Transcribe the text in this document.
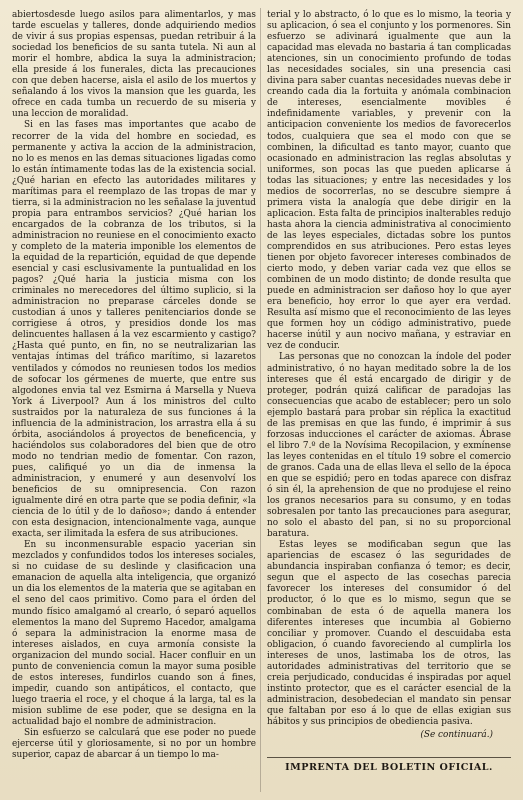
abiertosdesde luego asilos para alimentarlos, y mas tarde escuelas y talleres, donde adquiriendo medios de vivir á sus propias espensas, puedan retribuir á la sociedad los beneficios de su santa tutela. Ni aun al morir el hombre, abdica la suya la administracion; ella preside á los funerales, dicta las precauciones con que deben hacerse, aisla el asilo de los muertos y señalando á los vivos la mansion que les guarda, les ofrece en cada tumba un recuerdo de su miseria y una leccion de moralidad.

Si en las fases mas importantes que acabo de recorrer de la vida del hombre en sociedad, es permanente y activa la accion de la administracion, no lo es menos en las demas situaciones ligadas como lo están íntimamente todas las de la existencia social. ¿Qué harian en efecto las autoridades militares y marítimas para el reemplazo de las tropas de mar y tierra, si la administracion no les señalase la juventud propia para entrambos servicios? ¿Qué harian los encargados de la cobranza de los tributos, si la administracion no reuniese en el conocimiento exacto y completo de la materia imponible los elementos de la equidad de la repartición, equidad de que depende esencial y casi esclusivamente la puntualidad en los pagos? ¿Qué haria la justicia misma con los criminales no merecedores del último suplicio, si la administracion no preparase cárceles donde se custodian á unos y talleres penitenciarios donde se corrigiese á otros, y presidios donde los mas delincuentes hallasen á la vez escarmiento y castigo? ¿Hasta qué punto, en fin, no se neutralizarian las ventajas íntimas del tráfico marítimo, si lazaretos ventilados y cómodos no reuniesen todos los medios de sofocar los gérmenes de muerte, que entre sus algodones envia tal vez Esmirna á Marsella y Nueva York á Liverpool? Aun á los ministros del culto sustraidos por la naturaleza de sus funciones á la influencia de la administracion, los arrastra ella á su órbita, asociándolos á proyectos de beneficencia, y haciéndolos sus colaboradores del bien que de otro modo no tendrian medio de fomentar. Con razon, pues, califiqué yo un dia de inmensa la administracion, y enumeré y aun desenvolví los beneficios de su omnipresencia. Con razon igualmente diré en otra parte que se podia definir, «la ciencia de lo útil y de lo dañoso»; dando á entender con esta designacion, intencionalmente vaga, aunque exacta, ser ilimitada la esfera de sus atribuciones.

En su inconmensurable espacio yacerian sin mezclados y confundidos todos los intereses sociales, si no cuidase de su deslinde y clasificacion una emanacion de aquella alta inteligencia, que organizó un dia los elementos de la materia que se agitaban en el seno del caos primitivo. Como para el órden del mundo físico amalgamó al crearlo, ó separó aquellos elementos la mano del Supremo Hacedor, amalgama ó separa la administracion la enorme masa de intereses aislados, en cuya armonía consiste la organizacion del mundo social. Hacer confluir en un punto de conveniencia comun la mayor suma posible de estos intereses, fundirlos cuando son á fines, impedir, cuando son antipáticos, el contacto, que luego traeria el roce, y el choque á la larga, tal es la mision sublime de ese poder, que se designa en la actualidad bajo el nombre de administracion.

Sin esfuerzo se calculará que ese poder no puede ejercerse útil y gloriosamente, si no por un hombre superior, capaz de abarcar á un tiempo lo ma-

terial y lo abstracto, ó lo que es lo mismo, la teoria y su aplicacion, ó sea el conjunto y los pormenores. Sin esfuerzo se adivinará igualmente que aun la capacidad mas elevada no bastaria á tan complicadas atenciones, sin un conocimiento profundo de todas las necesidades sociales, sin una presencia casi divina para saber cuantas necesidades nuevas debe ir creando cada dia la fortuita y anómala combinacion de intereses, esencialmente movibles é indefinidamente variables, y prevenir con la anticipacion conveniente los medios de favorecerlos todos, cualquiera que sea el modo con que se combinen, la dificultad es tanto mayor, cuanto que ocasionado en administracion las reglas absolutas y uniformes, son pocas las que pueden aplicarse á todas las situaciones; y entre las necesidades y los medios de socorrerlas, no se descubre siempre á primera vista la analogía que debe dirigir en la aplicacion. Esta falta de principios inalterables redujo hasta ahora la ciencia administrativa al conocimiento de las leyes especiales, dictadas sobre los puntos comprendidos en sus atribuciones. Pero estas leyes tienen por objeto favorecer intereses combinados de cierto modo, y deben variar cada vez que ellos se combinen de un modo distinto; de donde resulta que puede en administracion ser dañoso hoy lo que ayer era beneficio, hoy error lo que ayer era verdad. Resulta así mismo que el reconocimiento de las leyes que formen hoy un código administrativo, puede hacerse inútil y aun nocivo mañana, y estraviar en vez de conducir.

Las personas que no conozcan la índole del poder administrativo, ó no hayan meditado sobre la de los intereses que él está encargado de dirigir y de proteger, podrán quizá calificar de paradojas las consecuencias que acabo de establecer; pero un solo ejemplo bastará para probar sin réplica la exactitud de las premisas en que las fundo, é imprimir á sus forzosas inducciones el carácter de axiomas. Ábrase el libro 7.º de la Novísima Recopilacion, y exmínense las leyes contenidas en el título 19 sobre el comercio de granos. Cada una de ellas lleva el sello de la época en que se espidió; pero en todas aparece con disfraz ó sin él, la aprehension de que no produjese el reino los granos necesarios para su consumo, y en todas sobresalen por tanto las precauciones para asegurar, no solo el abasto del pan, si no su proporcional baratura.

Estas leyes se modificaban segun que las apariencias de escasez ó las seguridades de abundancia inspiraban confianza ó temor; es decir, segun que el aspecto de las cosechas parecia favorecer los intereses del consumidor ó del productor, ó lo que es lo mismo, segun que se combinaban de esta ó de aquella manera los diferentes intereses que incumbia al Gobierno conciliar y promover. Cuando el descuidaba esta obligacion, ó cuando favoreciendo al cumplirla los intereses de unos, lastimaba los de otros, las autoridades administrativas del territorio que se creia perjudicado, conducidas é inspiradas por aquel instinto protector, que es el carácter esencial de la administracion, desobedecian el mandato sin pensar que faltaban por eso á lo que de ellas exigian sus hábitos y sus principios de obediencia pasiva.

(Se continuará.)
IMPRENTA DEL BOLETIN OFICIAL.
